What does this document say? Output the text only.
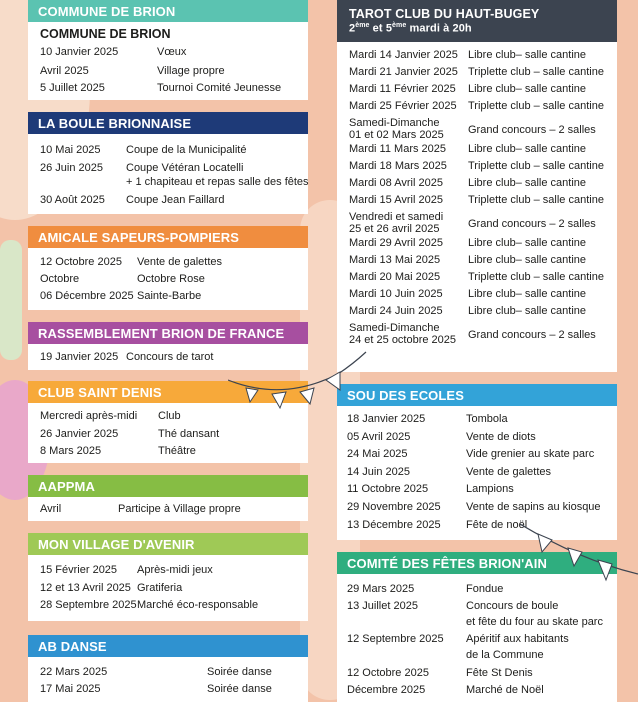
COMMUNE DE BRION
COMMUNE DE BRION
10 Janvier 2025	Vœux
Avril 2025	Village propre
5 Juillet 2025	Tournoi Comité Jeunesse
LA BOULE BRIONNAISE
10 Mai 2025 Coupe de la Municipalité
26 Juin 2025 Coupe Vétéran Locatelli
+ 1 chapiteau et repas salle des fêtes
30 Août 2025 Coupe Jean Faillard
AMICALE SAPEURS-POMPIERS
12 Octobre 2025 Vente de galettes
Octobre	Octobre Rose
06 Décembre 2025 Sainte-Barbe
RASSEMBLEMENT BRION DE FRANCE
19 Janvier 2025 Concours de tarot
CLUB SAINT DENIS
Mercredi après-midi Club
26 Janvier 2025	Thé dansant
8 Mars 2025	Théâtre
AAPPMA
Avril	Participe à Village propre
MON VILLAGE D'AVENIR
15 Février 2025 Après-midi jeux
12 et 13 Avril 2025 Gratiferia
28 Septembre 2025 Marché éco-responsable
AB DANSE
22 Mars 2025	Soirée danse
17 Mai 2025	Soirée danse
TAROT CLUB DU HAUT-BUGEY
2ème et 5ème mardi à 20h
Mardi 14 Janvier 2025 Libre club– salle cantine
Mardi 21 Janvier 2025 Triplette club – salle cantine
Mardi 11 Février 2025 Libre club– salle cantine
Mardi 25 Février 2025 Triplette club – salle cantine
Samedi-Dimanche
01 et 02 Mars 2025 Grand concours – 2 salles
Mardi 11 Mars 2025 Libre club– salle cantine
Mardi 18 Mars 2025 Triplette club – salle cantine
Mardi 08 Avril 2025 Libre club– salle cantine
Mardi 15 Avril 2025 Triplette club – salle cantine
Vendredi et samedi
25 et 26 avril 2025	Grand concours – 2 salles
Mardi 29 Avril 2025 Libre club– salle cantine
Mardi 13 Mai 2025	Libre club– salle cantine
Mardi 20 Mai 2025	Triplette club – salle cantine
Mardi 10 Juin 2025 Libre club– salle cantine
Mardi 24 Juin 2025 Libre club– salle cantine
Samedi-Dimanche
24 et 25 octobre 2025 Grand concours – 2 salles
SOU DES ECOLES
18 Janvier 2025	Tombola
05 Avril 2025	Vente de diots
24 Mai 2025	Vide grenier au skate parc
14 Juin 2025	Vente de galettes
11 Octobre 2025	Lampions
29 Novembre 2025 Vente de sapins au kiosque
13 Décembre 2025 Fête de noël
COMITÉ DES FÊTES BRION'AIN
29 Mars 2025	Fondue
13 Juillet 2025	Concours de boule
et fête du four au skate parc
12 Septembre 2025 Apéritif aux habitants
de la Commune
12 Octobre 2025	Fête St Denis
Décembre 2025	Marché de Noël
